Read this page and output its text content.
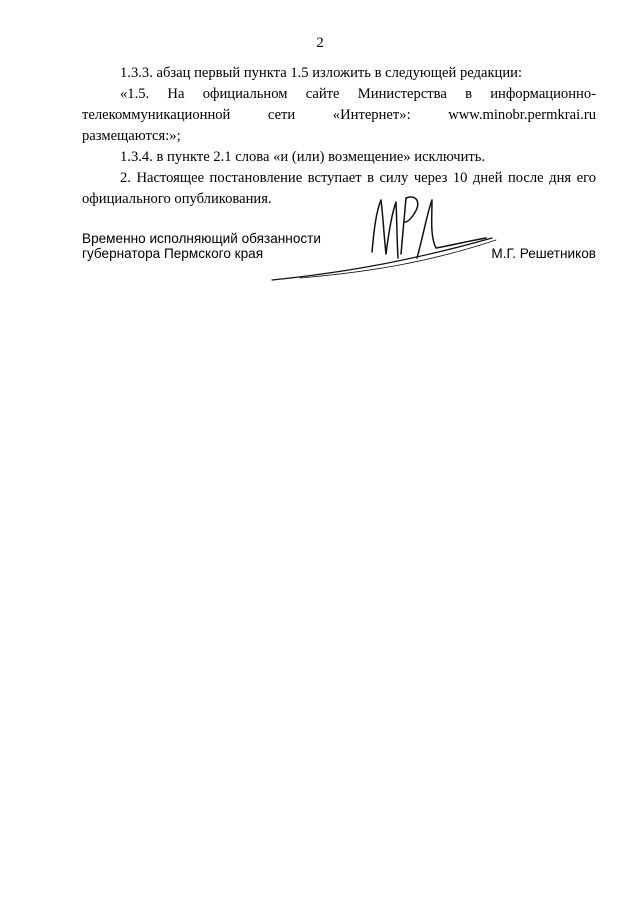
2

1.3.3. абзац первый пункта 1.5 изложить в следующей редакции:

«1.5. На официальном сайте Министерства в информационно-телекоммуникационной сети «Интернет»: www.minobr.permkrai.ru размещаются:»;

1.3.4. в пункте 2.1 слова «и (или) возмещение» исключить.

2. Настоящее постановление вступает в силу через 10 дней после дня его официального опубликования.

Временно исполняющий обязанности
губернатора Пермского края	М.Г. Решетников
